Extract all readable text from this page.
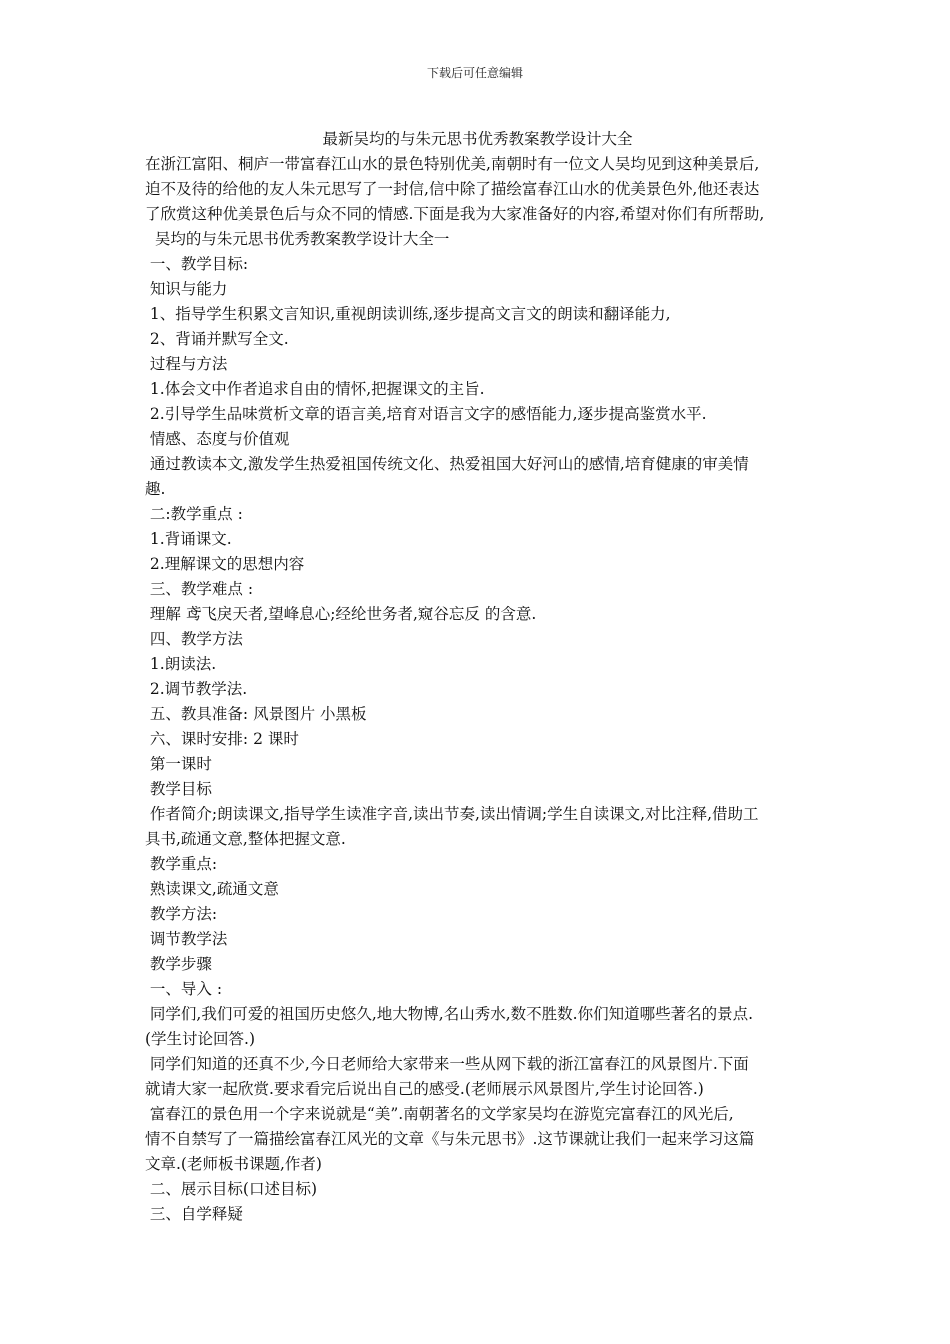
下载后可任意编辑
最新吴均的与朱元思书优秀教案教学设计大全
在浙江富阳、桐庐一带富春江山水的景色特别优美,南朝时有一位文人吴均见到这种美景后,
迫不及待的给他的友人朱元思写了一封信,信中除了描绘富春江山水的优美景色外,他还表达
了欣赏这种优美景色后与众不同的情感.下面是我为大家准备好的内容,希望对你们有所帮助,
吴均的与朱元思书优秀教案教学设计大全一
一、教学目标:
知识与能力
1、指导学生积累文言知识,重视朗读训练,逐步提高文言文的朗读和翻译能力,
2、背诵并默写全文.
过程与方法
1.体会文中作者追求自由的情怀,把握课文的主旨.
2.引导学生品味赏析文章的语言美,培育对语言文字的感悟能力,逐步提高鉴赏水平.
情感、态度与价值观
通过教读本文,激发学生热爱祖国传统文化、热爱祖国大好河山的感情,培育健康的审美情
趣.
二:教学重点 :
1.背诵课文.
2.理解课文的思想内容
三、教学难点 :
理解 鸢飞戾天者,望峰息心;经纶世务者,窥谷忘反 的含意.
四、教学方法
1.朗读法.
2.调节教学法.
五、教具准备: 风景图片 小黑板
六、课时安排: 2 课时
第一课时
教学目标
作者简介;朗读课文,指导学生读准字音,读出节奏,读出情调;学生自读课文,对比注释,借助工
具书,疏通文意,整体把握文意.
教学重点:
熟读课文,疏通文意
教学方法:
调节教学法
教学步骤
一、导入 :
同学们,我们可爱的祖国历史悠久,地大物博,名山秀水,数不胜数.你们知道哪些著名的景点.
(学生讨论回答.)
同学们知道的还真不少,今日老师给大家带来一些从网下载的浙江富春江的风景图片.下面
就请大家一起欣赏.要求看完后说出自己的感受.(老师展示风景图片,学生讨论回答.)
富春江的景色用一个字来说就是“美”.南朝著名的文学家吴均在游览完富春江的风光后,
情不自禁写了一篇描绘富春江风光的文章《与朱元思书》.这节课就让我们一起来学习这篇
文章.(老师板书课题,作者)
二、展示目标(口述目标)
三、自学释疑
